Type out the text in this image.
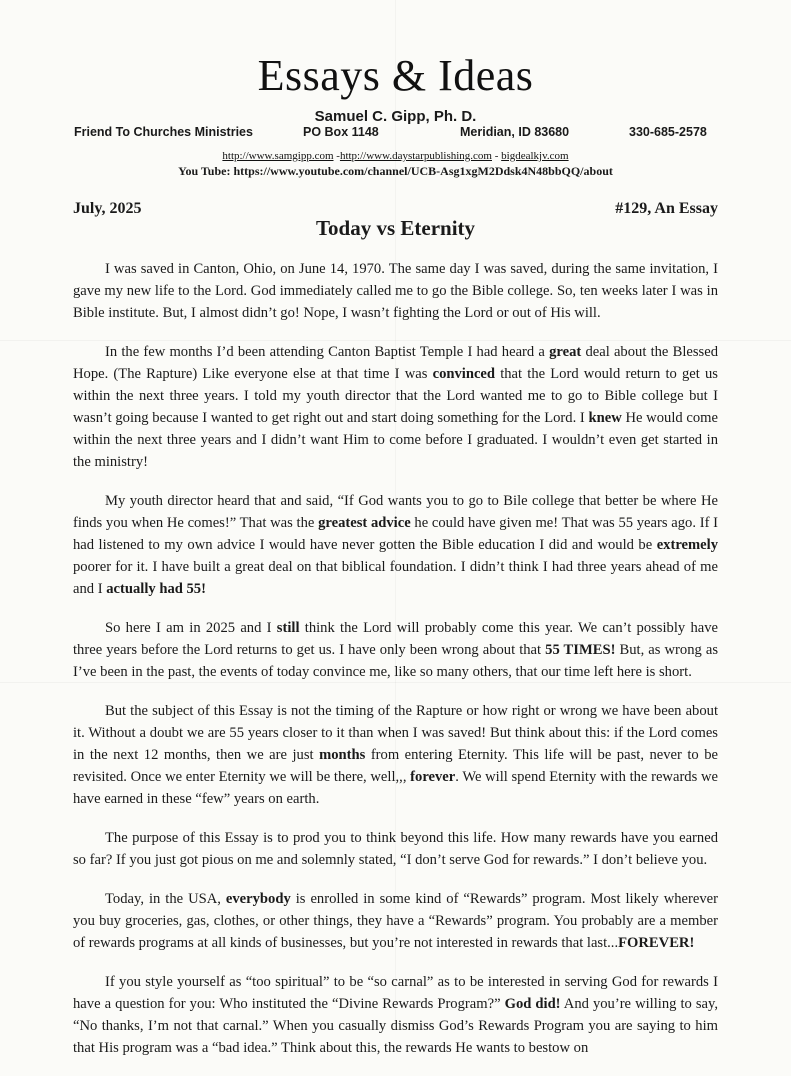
Essays & Ideas
Samuel C. Gipp, Ph. D.
Friend To Churches Ministries	PO Box 1148	Meridian, ID 83680	330-685-2578
http://www.samgipp.com -http://www.daystarpublishing.com - bigdealkjv.com
You Tube: https://www.youtube.com/channel/UCB-Asg1xgM2Ddsk4N48bbQQ/about
July, 2025	#129, An Essay
Today vs Eternity

I was saved in Canton, Ohio, on June 14, 1970. The same day I was saved, during the same invitation, I gave my new life to the Lord. God immediately called me to go the Bible college. So, ten weeks later I was in Bible institute. But, I almost didn’t go! Nope, I wasn’t fighting the Lord or out of His will.

In the few months I’d been attending Canton Baptist Temple I had heard a great deal about the Blessed Hope. (The Rapture) Like everyone else at that time I was convinced that the Lord would return to get us within the next three years. I told my youth director that the Lord wanted me to go to Bible college but I wasn’t going because I wanted to get right out and start doing something for the Lord. I knew He would come within the next three years and I didn’t want Him to come before I graduated. I wouldn’t even get started in the ministry!

My youth director heard that and said, “If God wants you to go to Bile college that better be where He finds you when He comes!” That was the greatest advice he could have given me! That was 55 years ago. If I had listened to my own advice I would have never gotten the Bible education I did and would be extremely poorer for it. I have built a great deal on that biblical foundation. I didn’t think I had three years ahead of me and I actually had 55!

So here I am in 2025 and I still think the Lord will probably come this year. We can’t possibly have three years before the Lord returns to get us. I have only been wrong about that 55 TIMES! But, as wrong as I’ve been in the past, the events of today convince me, like so many others, that our time left here is short.

But the subject of this Essay is not the timing of the Rapture or how right or wrong we have been about it. Without a doubt we are 55 years closer to it than when I was saved! But think about this: if the Lord comes in the next 12 months, then we are just months from entering Eternity. This life will be past, never to be revisited. Once we enter Eternity we will be there, well,,, forever. We will spend Eternity with the rewards we have earned in these “few” years on earth.

The purpose of this Essay is to prod you to think beyond this life. How many rewards have you earned so far? If you just got pious on me and solemnly stated, “I don’t serve God for rewards.” I don’t believe you.

Today, in the USA, everybody is enrolled in some kind of “Rewards” program. Most likely wherever you buy groceries, gas, clothes, or other things, they have a “Rewards” program. You probably are a member of rewards programs at all kinds of businesses, but you’re not interested in rewards that last...FOREVER!

If you style yourself as “too spiritual” to be “so carnal” as to be interested in serving God for rewards I have a question for you: Who instituted the “Divine Rewards Program?” God did! And you’re willing to say, “No thanks, I’m not that carnal.” When you casually dismiss God’s Rewards Program you are saying to him that His program was a “bad idea.” Think about this, the rewards He wants to bestow on
